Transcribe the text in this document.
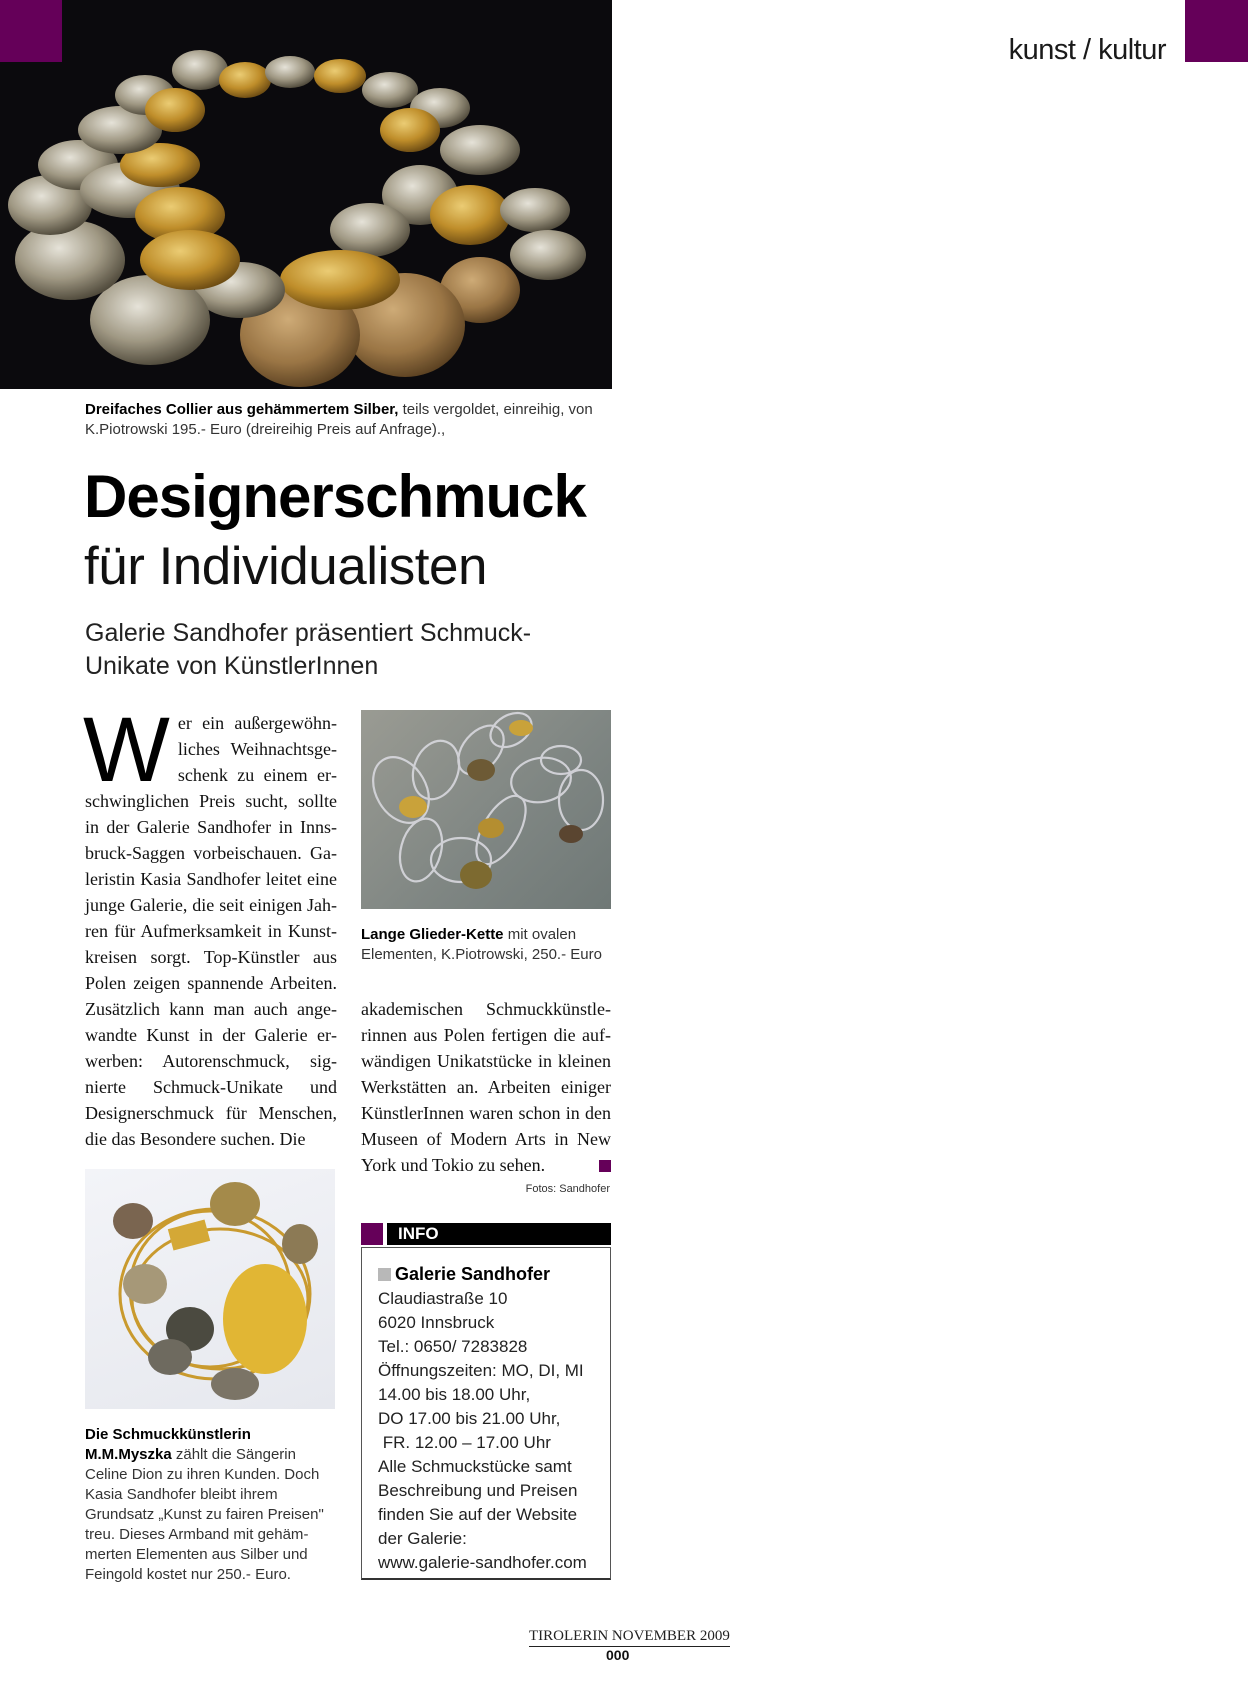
kunst / kultur
Dreifaches Collier aus gehämmertem Silber, teils vergoldet, einreihig, von K.Piotrowski 195.- Euro (dreireihig Preis auf Anfrage).,
Designerschmuck
für Individualisten
Galerie Sandhofer präsentiert Schmuck-Unikate von KünstlerInnen
Wer ein außergewöhnliches Weihnachtsgeschenk zu einem erschwinglichen Preis sucht, sollte in der Galerie Sandhofer in Innsbruck-Saggen vorbeischauen. Galeristin Kasia Sandhofer leitet eine junge Galerie, die seit einigen Jahren für Aufmerksamkeit in Kunstkreisen sorgt. Top-Künstler aus Polen zeigen spannende Arbeiten. Zusätzlich kann man auch angewandte Kunst in der Galerie erwerben: Autorenschmuck, signierte Schmuck-Unikate und Designerschmuck für Menschen, die das Besondere suchen. Die
Lange Glieder-Kette mit ovalen Elementen, K.Piotrowski, 250.- Euro
akademischen Schmuckkünstlerinnen aus Polen fertigen die aufwändigen Unikatstücke in kleinen Werkstätten an. Arbeiten einiger KünstlerInnen waren schon in den Museen of Modern Arts in New York und Tokio zu sehen.
Fotos: Sandhofer
INFO
Galerie Sandhofer
Claudiastraße 10
6020 Innsbruck
Tel.: 0650/ 7283828
Öffnungszeiten: MO, DI, MI
14.00 bis 18.00 Uhr,
DO 17.00 bis 21.00 Uhr,
FR. 12.00 – 17.00 Uhr
Alle Schmuckstücke samt
Beschreibung und Preisen
finden Sie auf der Website
der Galerie:
www.galerie-sandhofer.com
Die Schmuckkünstlerin M.M.Myszka zählt die Sängerin Celine Dion zu ihren Kunden. Doch Kasia Sandhofer bleibt ihrem Grundsatz „Kunst zu fairen Preisen" treu. Dieses Armband mit gehämmerten Elementen aus Silber und Feingold kostet nur 250.- Euro.
TIROLERIN NOVEMBER 2009
000
